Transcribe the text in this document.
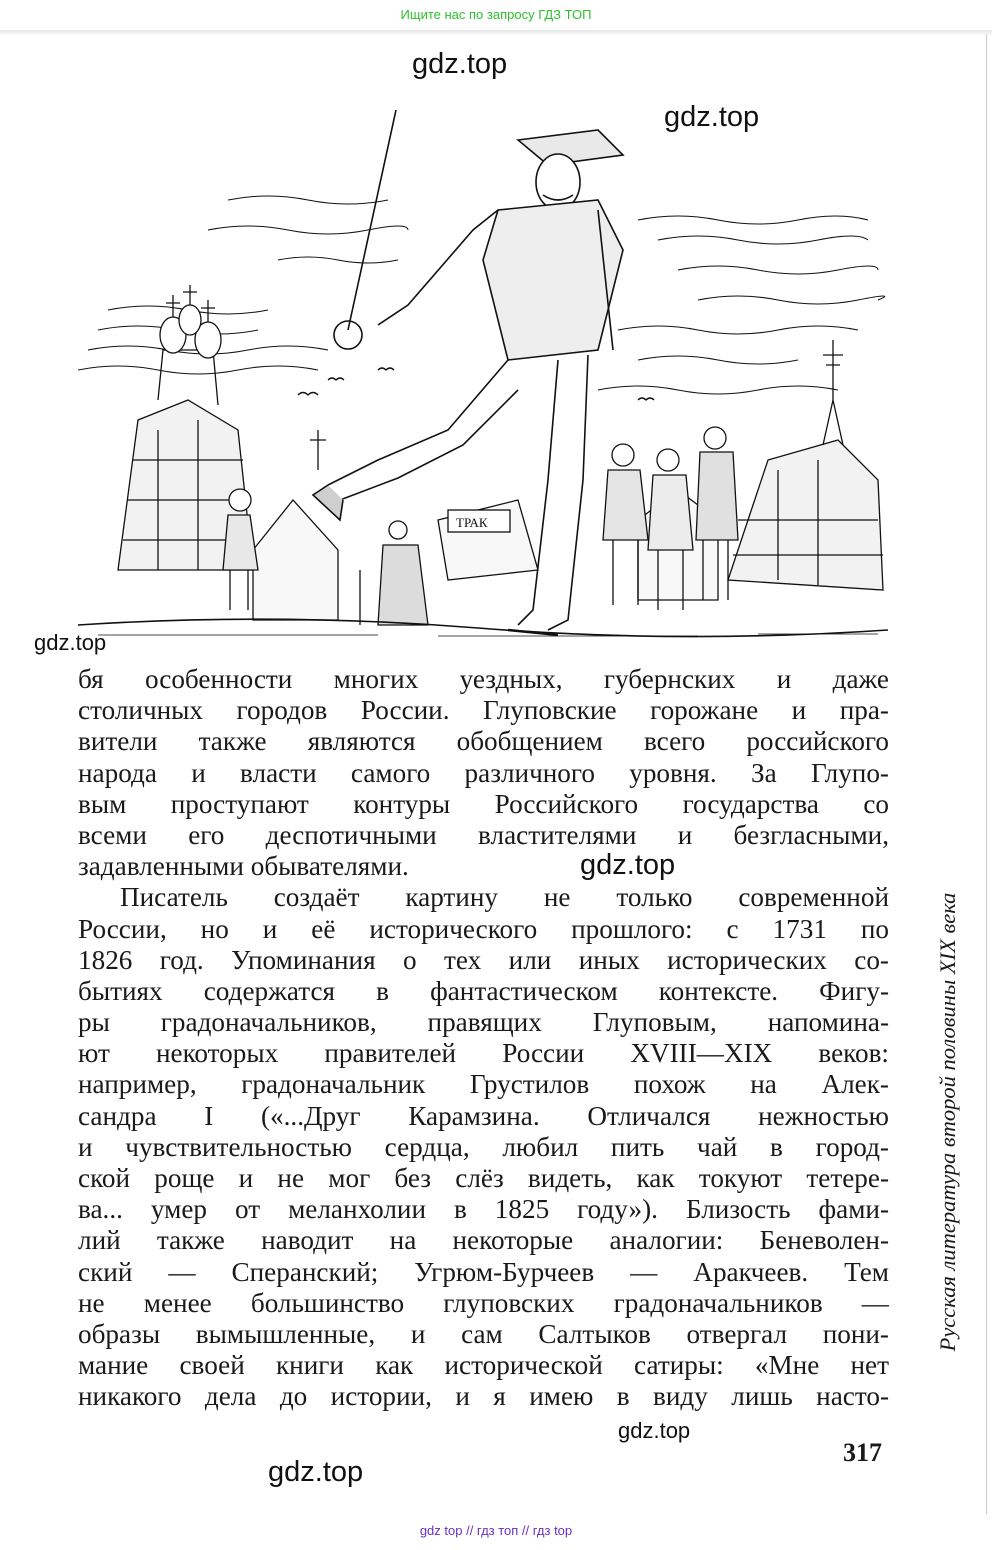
Ищите нас по запросу ГДЗ ТОП
ТРАК
gdz.top
gdz.top
gdz.top
бя особенности многих уездных, губернских и даже
столичных городов России. Глуповские горожане и пра-
вители также являются обобщением всего российского
народа и власти самого различного уровня. За Глупо-
вым проступают контуры Российского государства со
всеми его деспотичными властителями и безгласными,
задавленными обывателями.
Писатель создаёт картину не только современной
России, но и её исторического прошлого: с 1731 по
1826 год. Упоминания о тех или иных исторических со-
бытиях содержатся в фантастическом контексте. Фигу-
ры градоначальников, правящих Глуповым, напомина-
ют некоторых правителей России XVIII—XIX веков:
например, градоначальник Грустилов похож на Алек-
сандра I («...Друг Карамзина. Отличался нежностью
и чувствительностью сердца, любил пить чай в город-
ской роще и не мог без слёз видеть, как токуют тетере-
ва... умер от меланхолии в 1825 году»). Близость фами-
лий также наводит на некоторые аналогии: Беневолен-
ский — Сперанский; Угрюм-Бурчеев — Аракчеев. Тем
не менее большинство глуповских градоначальников —
образы вымышленные, и сам Салтыков отвергал пони-
мание своей книги как исторической сатиры: «Мне нет
никакого дела до истории, и я имею в виду лишь насто-
gdz.top
Русская литература второй половины XIX века
317
gdz.top
gdz.top
gdz top // гдз топ // гдз top
